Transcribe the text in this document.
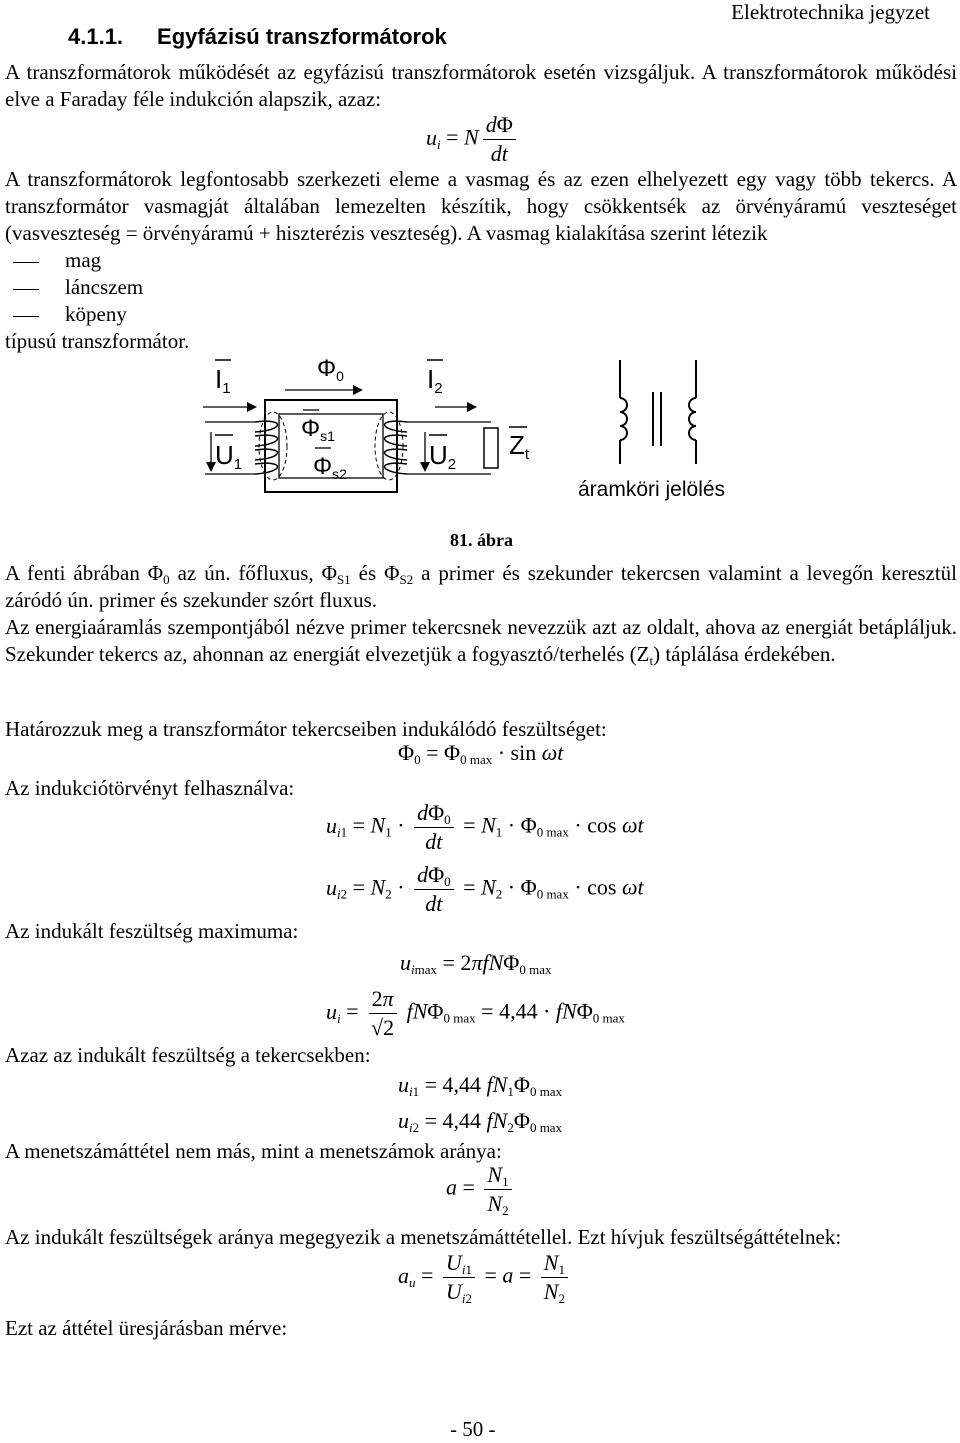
Elektrotechnika jegyzet
4.1.1. Egyfázisú transzformátorok
A transzformátorok működését az egyfázisú transzformátorok esetén vizsgáljuk. A transzformátorok működési elve a Faraday féle indukción alapszik, azaz:
$u_i = N \frac{d\Phi}{dt}$
A transzformátorok legfontosabb szerkezeti eleme a vasmag és az ezen elhelyezett egy vagy több tekercs. A transzformátor vasmagját általában lemezelten készítik, hogy csökkentsék az örvényáramú veszteséget (vasveszteség = örvényáramú + hiszterézis veszteség). A vasmag kialakítása szerint létezik
mag
láncszem
köpeny
típusú transzformátor.
I1
$\Phi_0$	I2
U1
$\Phi_{s1}$
$\Phi_{s2}$
U2
Zt
áramköri jelölés
81. ábra
A fenti ábrában $\Phi_0$ az ún. főfluxus, $\Phi_{S1}$ és $\Phi_{S2}$ a primer és szekunder tekercsen valamint a levegőn keresztül záródó ún. primer és szekunder szórt fluxus.
Az energiaáramlás szempontjából nézve primer tekercsnek nevezzük azt az oldalt, ahova az energiát betápláljuk. Szekunder tekercs az, ahonnan az energiát elvezetjük a fogyasztó/terhelés $(Z_t)$ táplálása érdekében.
Határozzuk meg a transzformátor tekercseiben indukálódó feszültséget:
$\Phi_0 = \Phi_{0 max} \cdot \sin \omega t$
Az indukciótörvényt felhasználva:
$u_{i1} = N_1 \cdot \frac{d\Phi_0}{dt} = N_1 \cdot \Phi_{0 max} \cdot \cos \omega t$
$u_{i2} = N_2 \cdot \frac{d\Phi_0}{dt} = N_2 \cdot \Phi_{0 max} \cdot \cos \omega t$
Az indukált feszültség maximuma:
$u_{imax} = 2\pi fN\Phi_{0 max}$
$u_i = \frac{2\pi}{√2} fN\Phi_{0 max} = 4,44 \cdot fN\Phi_{0 max}$
Azaz az indukált feszültség a tekercsekben:
$u_{i1} = 4,44$ $fN_1\Phi_{0 max}$
$u_{i2} = 4,44$ $fN_2\Phi_{0 max}$
A menetszámáttétel nem más, mint a menetszámok aránya:
$a = \frac{N_1}{N_2}$
Az indukált feszültségek aránya megegyezik a menetszámáttétellel. Ezt hívjuk feszültségáttételnek:
$a_u = \frac{U_{i1}}{U_{i2}} = a = \frac{N_1}{N_2}$
Ezt az áttétel üresjárásban mérve:
- 50 -
